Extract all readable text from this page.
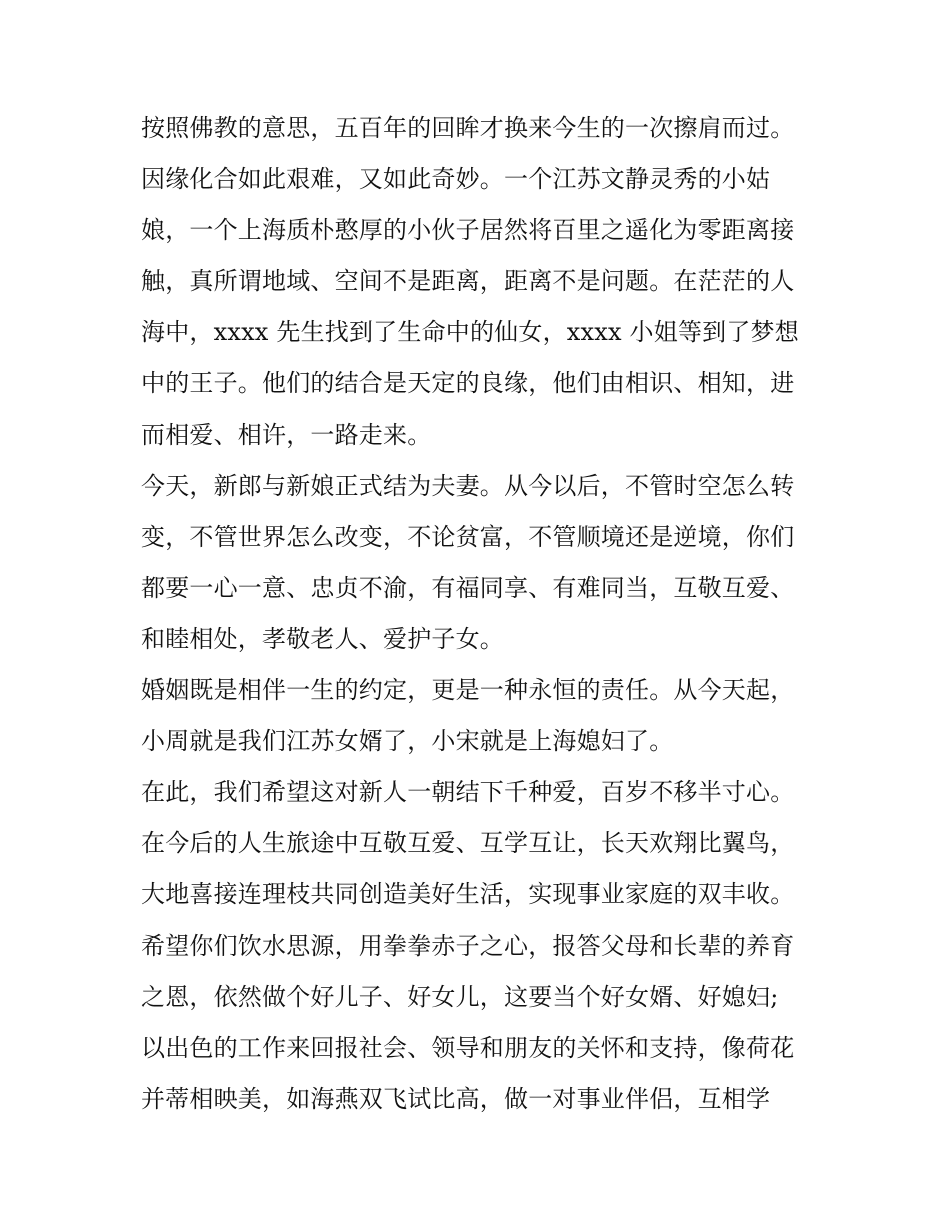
按照佛教的意思，五百年的回眸才换来今生的一次擦肩而过。
因缘化合如此艰难，又如此奇妙。一个江苏文静灵秀的小姑
娘，一个上海质朴憨厚的小伙子居然将百里之遥化为零距离接
触，真所谓地域、空间不是距离，距离不是问题。在茫茫的人
海中，xxxx 先生找到了生命中的仙女，xxxx 小姐等到了梦想
中的王子。他们的结合是天定的良缘，他们由相识、相知，进
而相爱、相许，一路走来。
今天，新郎与新娘正式结为夫妻。从今以后，不管时空怎么转
变，不管世界怎么改变，不论贫富，不管顺境还是逆境，你们
都要一心一意、忠贞不渝，有福同享、有难同当，互敬互爱、
和睦相处，孝敬老人、爱护子女。
婚姻既是相伴一生的约定，更是一种永恒的责任。从今天起，
小周就是我们江苏女婿了，小宋就是上海媳妇了。
在此，我们希望这对新人一朝结下千种爱，百岁不移半寸心。
在今后的人生旅途中互敬互爱、互学互让，长天欢翔比翼鸟，
大地喜接连理枝共同创造美好生活，实现事业家庭的双丰收。
希望你们饮水思源，用拳拳赤子之心，报答父母和长辈的养育
之恩，依然做个好儿子、好女儿，这要当个好女婿、好媳妇;
以出色的工作来回报社会、领导和朋友的关怀和支持，像荷花
并蒂相映美，如海燕双飞试比高，做一对事业伴侣，互相学
